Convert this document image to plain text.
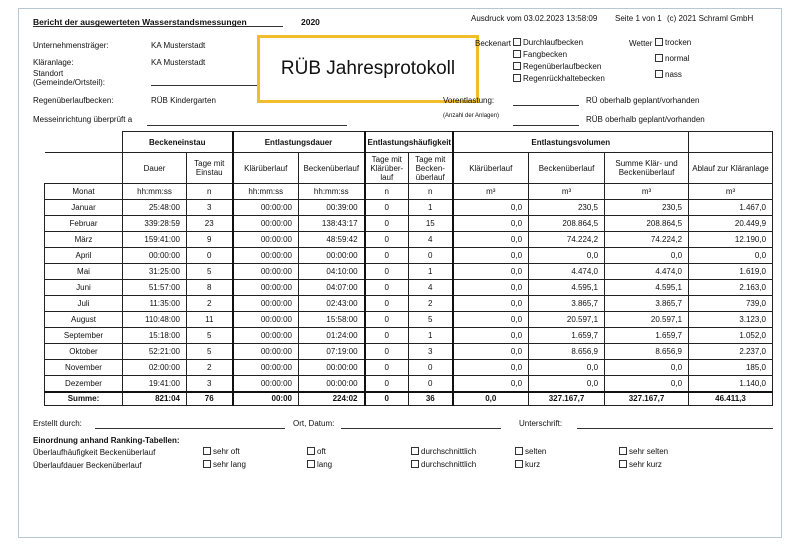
Bericht der ausgewerteten Wasserstandsmessungen	2020	Ausdruck vom 03.02.2023 13:58:09 Seite 1 von 1 (c) 2021 Schraml GmbH
Unternehmensträger:	KA Musterstadt
Kläranlage:	KA Musterstadt
Standort
(Gemeinde/Ortsteil):
Regenüberlaufbecken:	RÜB Kindergarten
Messeinrichtung überprüft a
RÜB Jahresprotokoll
Beckenart	Durchlaufbecken
Fangbecken
Regenüberlaufbecken
Regenrückhaltebecken
Wetter	trocken
normal
nass
Vorentlastung:
(Anzahl der Anlagen)
RÜ oberhalb geplant/vorhanden
RÜB oberhalb geplant/vorhanden
	Beckeneinstau		Entlastungsdauer		Entlastungshäufigkeit		Entlastungsvolumen			
	Dauer	Tage mit Einstau	Klärüberlauf	Beckenüberlauf	Tage mit Klärüber-lauf	Tage mit Becken-überlauf	Klärüberlauf	Beckenüberlauf	Summe Klär- und Beckenüberlauf	Ablauf zur Kläranlage
Monat	hh:mm:ss	n	hh:mm:ss	hh:mm:ss	n	n	m³	m³	m³	m³
Januar	25:48:00	3	00:00:00	00:39:00	0	1	0,0	230,5	230,5	1.467,0
Februar	339:28:59	23	00:00:00	138:43:17	0	15	0,0	208.864,5	208.864,5	20.449,9
März	159:41:00	9	00:00:00	48:59:42	0	4	0,0	74.224,2	74.224,2	12.190,0
April	00:00:00	0	00:00:00	00:00:00	0	0	0,0	0,0	0,0	0,0
Mai	31:25:00	5	00:00:00	04:10:00	0	1	0,0	4.474,0	4.474,0	1.619,0
Juni	51:57:00	8	00:00:00	04:07:00	0	4	0,0	4.595,1	4.595,1	2.163,0
Juli	11:35:00	2	00:00:00	02:43:00	0	2	0,0	3.865,7	3.865,7	739,0
August	110:48:00	11	00:00:00	15:58:00	0	5	0,0	20.597,1	20.597,1	3.123,0
September	15:18:00	5	00:00:00	01:24:00	0	1	0,0	1.659,7	1.659,7	1.052,0
Oktober	52:21:00	5	00:00:00	07:19:00	0	3	0,0	8.656,9	8.656,9	2.237,0
November	02:00:00	2	00:00:00	00:00:00	0	0	0,0	0,0	0,0	185,0
Dezember	19:41:00	3	00:00:00	00:00:00	0	0	0,0	0,0	0,0	1.140,0
Summe:	821:04	76	00:00	224:02	0	36	0,0	327.167,7	327.167,7	46.411,3
Erstellt durch:	Ort, Datum:	Unterschrift:
Einordnung anhand Ranking-Tabellen:
Überlaufhäufigkeit Beckenüberlauf
Überlaufdauer Beckenüberlauf
sehr oft	oft	durchschnittlich	selten	sehr selten
sehr lang	lang	durchschnittlich	kurz	sehr kurz
